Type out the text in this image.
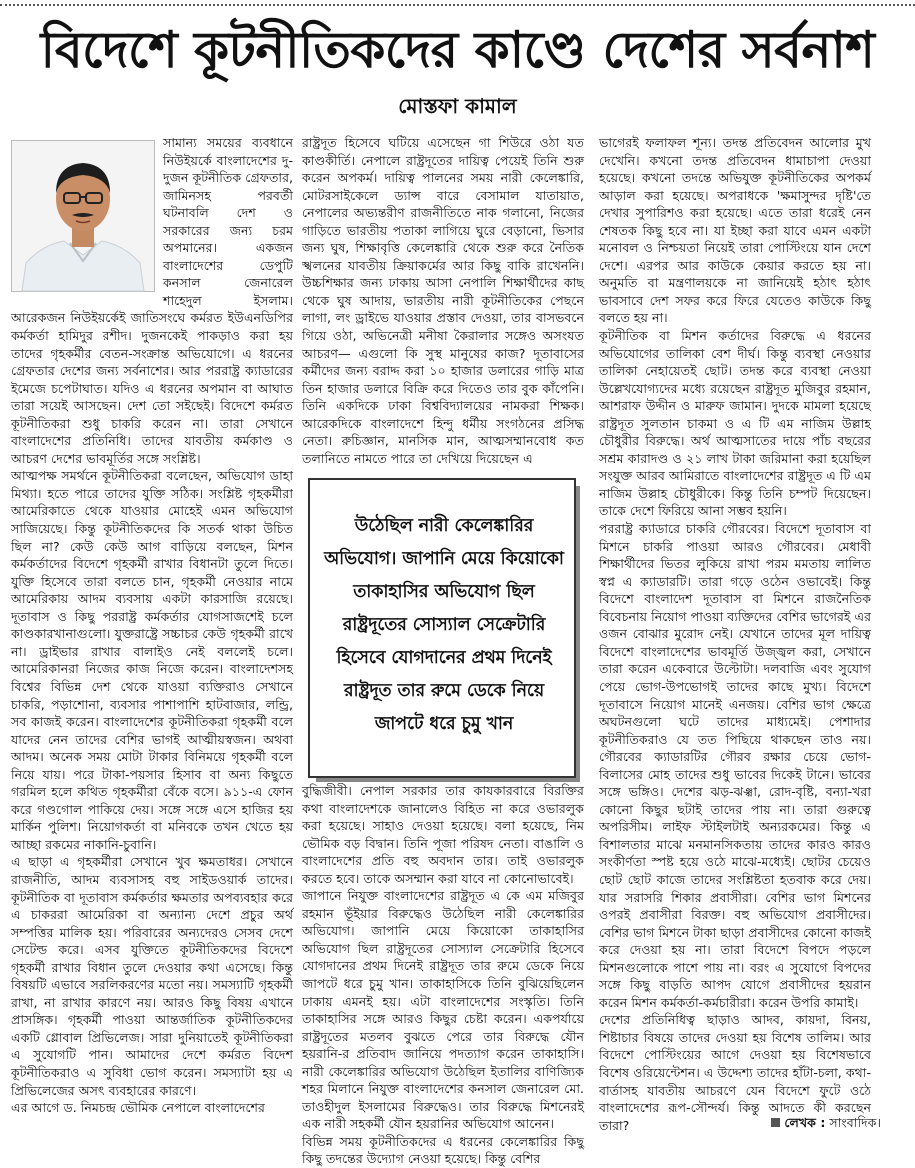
বিদেশে কূটনীতিকদের কাণ্ডে দেশের সর্বনাশ
মোস্তফা কামাল
সামান্য সময়ের ব্যবধানে নিউইয়র্কে বাংলাদেশের দু-দুজন কূটনীতিক গ্রেফতার, জামিনসহ পরবর্তী ঘটনাবলি দেশ ও সরকারের জন্য চরম অপমানের। একজন বাংলাদেশের ডেপুটি কনসাল জেনারেল শাহেদুল ইসলাম। আরেকজন নিউইয়র্কেই জাতিসংঘে কর্মরত ইউএনডিপির কর্মকর্তা হামিদুর রশীদ। দুজনকেই পাকড়াও করা হয় তাদের গৃহকর্মীর বেতন-সংক্রান্ত অভিযোগে। এ ধরনের গ্রেফতার দেশের জন্য সর্বনাশের। আর পররাষ্ট্র ক্যাডারের ইমেজে চপেটাঘাত। যদিও এ ধরনের অপমান বা আঘাত তারা সয়েই আসছেন। দেশ তো সইছেই। বিদেশে কর্মরত কূটনীতিকরা শুধু চাকরি করেন না। তারা সেখানে বাংলাদেশের প্রতিনিধি। তাদের যাবতীয় কর্মকাণ্ড ও আচরণ দেশের ভাবমূর্তির সঙ্গে সংশ্লিষ্ট।
আত্মপক্ষ সমর্থনে কূটনীতিকরা বলেছেন, অভিযোগ ডাহা মিথ্যা। হতে পারে তাদের যুক্তি সঠিক। সংশ্লিষ্ট গৃহকর্মীরা আমেরিকাতে থেকে যাওয়ার মোহেই এমন অভিযোগ সাজিয়েছে। কিন্তু কূটনীতিকদের কি সতর্ক থাকা উচিত ছিল না? কেউ কেউ আগ বাড়িয়ে বলছেন, মিশন কর্মকর্তাদের বিদেশে গৃহকর্মী রাখার বিধানটা তুলে দিতে। যুক্তি হিসেবে তারা বলতে চান, গৃহকর্মী নেওয়ার নামে আমেরিকায় আদম ব্যবসায় একটা কারসাজি রয়েছে। দূতাবাস ও কিছু পররাষ্ট্র কর্মকর্তার যোগসাজশেই চলে কাণ্ডকারখানাগুলো। যুক্তরাষ্ট্রে সচ্চাচর কেউ গৃহকর্মী রাখে না। ড্রাইভার রাখার বালাইও নেই বললেই চলে। আমেরিকানরা নিজের কাজ নিজে করেন। বাংলাদেশসহ বিশ্বের বিভিন্ন দেশ থেকে যাওয়া ব্যক্তিরাও সেখানে চাকরি, পড়াশোনা, ব্যবসার পাশাপাশি হাটবাজার, লন্ড্রি, সব কাজই করেন। বাংলাদেশের কূটনীতিকরা গৃহকর্মী বলে যাদের নেন তাদের বেশির ভাগই আত্মীয়স্বজন। অথবা আদম। অনেক সময় মোটা টাকার বিনিময়ে গৃহকর্মী বলে নিয়ে যায়। পরে টাকা-পয়সার হিসাব বা অন্য কিছুতে গরমিল হলে কথিত গৃহকর্মীরা বেঁকে বসে। ৯১১-এ ফোন করে গণ্ডগোল পাকিয়ে দেয়। সঙ্গে সঙ্গে এসে হাজির হয় মার্কিন পুলিশ। নিয়োগকর্তা বা মনিবকে তখন খেতে হয় আচ্ছা রকমের নাকানি-চুবানি।
এ ছাড়া এ গৃহকর্মীরা সেখানে খুব ক্ষমতাধর। সেখানে রাজনীতি, আদম ব্যবসাসহ বহু সাইডওয়ার্ক তাদের। কূটনীতিক বা দূতাবাস কর্মকর্তার ক্ষমতার অপব্যবহার করে এ চাকররা আমেরিকা বা অন্যান্য দেশে প্রচুর অর্থ সম্পত্তির মালিক হয়। পরিবারের অন্যদেরও সেসব দেশে সেটেল্ড করে। এসব যুক্তিতে কূটনীতিকদের বিদেশে গৃহকর্মী রাখার বিধান তুলে দেওয়ার কথা এসেছে। কিন্তু বিষয়টি এভাবে সরলিকরণের মতো নয়। সমস্যাটি গৃহকর্মী রাখা, না রাখার কারণে নয়। আরও কিছু বিষয় এখানে প্রাসঙ্গিক। গৃহকর্মী পাওয়া আন্তর্জাতিক কূটনীতিকদের একটি গ্লোবাল প্রিভিলেজ। সারা দুনিয়াতেই কূটনীতিকরা এ সুযোগটি পান। আমাদের দেশে কর্মরত বিদেশ কূটনীতিকরাও এ সুবিধা ভোগ করেন। সমস্যাটা হয় এ প্রিভিলেজের অসৎ ব্যবহারের কারণে।
এর আগে ড. নিমচন্দ্র ভৌমিক নেপালে বাংলাদেশের
রাষ্ট্রদূত হিসেবে ঘটিয়ে এসেছেন গা শিউরে ওঠা যত কাণ্ডকীর্তি। নেপালে রাষ্ট্রদূতের দায়িত্ব পেয়েই তিনি শুরু করেন অপকর্ম। দায়িত্ব পালনের সময় নারী কেলেঙ্কারি, মোটরসাইকেলে ড্যান্স বারে বেসামাল যাতায়াত, নেপালের অভ্যন্তরীণ রাজনীতিতে নাক গলানো, নিজের গাড়িতে ভারতীয় পতাকা লাগিয়ে ঘুরে বেড়ানো, ভিসার জন্য ঘুষ, শিক্ষাবৃত্তি কেলেঙ্কারি থেকে শুরু করে নৈতিক স্খলনের যাবতীয় ক্রিয়াকর্মের আর কিছু বাকি রাখেননি। উচ্চশিক্ষার জন্য ঢাকায় আসা নেপালি শিক্ষার্থীদের কাছ থেকে ঘুষ আদায়, ভারতীয় নারী কূটনীতিকের পেছনে লাগা, লং ড্রাইভে যাওয়ার প্রস্তাব দেওয়া, তার বাসভবনে গিয়ে ওঠা, অভিনেত্রী মনীষা কৈরালার সঙ্গেও অসংযত আচরণ— এগুলো কি সুস্থ মানুষের কাজ? দূতাবাসের কর্মীদের জন্য বরাদ্দ করা ১০ হাজার ডলারের গাড়ি মাত্র তিন হাজার ডলারে বিক্রি করে দিতেও তার বুক কাঁপেনি। তিনি একদিকে ঢাকা বিশ্ববিদ্যালয়ের নামকরা শিক্ষক। আরেকদিকে বাংলাদেশে হিন্দু ধর্মীয় সংগঠনের প্রসিদ্ধ নেতা। রুচিজ্ঞান, মানসিক মান, আত্মসম্মানবোধ কত তলানিতে নামতে পারে তা দেখিয়ে দিয়েছেন এ
বুদ্ধিজীবী। নেপাল সরকার তার কাযকারবারে বিরক্তির কথা বাংলাদেশকে জানালেও বিহিত না করে ওভারলুক করা হয়েছে। সাহাও দেওয়া হয়েছে। বলা হয়েছে, নিম ভৌমিক বড় বিদ্বান। তিনি পূজা পরিষদ নেতা। বাঙালি ও বাংলাদেশের প্রতি বহু অবদান তার। তাই ওভারলুক করতে হবে। তাকে অসম্মান করা যাবে না কোনোভাবেই।
জাপানে নিযুক্ত বাংলাদেশের রাষ্ট্রদূত এ কে এম মজিবুর রহমান ভূঁইয়ার বিরুদ্ধেও উঠেছিল নারী কেলেঙ্কারির অভিযোগ। জাপানি মেয়ে কিয়োকো তাকাহাসির অভিযোগ ছিল রাষ্ট্রদূতের সোস্যাল সেক্রেটারি হিসেবে যোগদানের প্রথম দিনেই রাষ্ট্রদূত তার রুমে ডেকে নিয়ে জাপটে ধরে চুমু খান। তাকাহাসিকে তিনি বুঝিয়েছিলেন ঢাকায় এমনই হয়। এটা বাংলাদেশের সংস্কৃতি। তিনি তাকাহাসির সঙ্গে আরও কিছুর চেষ্টা করেন। একপর্যায়ে রাষ্ট্রদূতের মতলব বুঝতে পেরে তার বিরুদ্ধে যৌন হয়রানি-র প্রতিবাদ জানিয়ে পদত্যাগ করেন তাকাহাসি। নারী কেলেঙ্কারির অভিযোগ উঠেছিল ইতালির বাণিজ্যিক শহর মিলানে নিযুক্ত বাংলাদেশের কনসাল জেনারেল মো. তাওহীদুল ইসলামের বিরুদ্ধেও। তার বিরুদ্ধে মিশনেরই এক নারী সহকর্মী যৌন হয়রানির অভিযোগ আনেন।
বিভিন্ন সময় কূটনীতিকদের এ ধরনের কেলেঙ্কারির কিছু কিছু তদন্তের উদ্যোগ নেওয়া হয়েছে। কিন্তু বেশির
উঠেছিল নারী কেলেঙ্কারির অভিযোগ। জাপানি মেয়ে কিয়োকো তাকাহাসির অভিযোগ ছিল রাষ্ট্রদূতের সোস্যাল সেক্রেটারি হিসেবে যোগদানের প্রথম দিনেই রাষ্ট্রদূত তার রুমে ডেকে নিয়ে জাপটে ধরে চুমু খান
ভাগেরই ফলাফল শূন্য। তদন্ত প্রতিবেদন আলোর মুখ দেখেনি। কখনো তদন্ত প্রতিবেদন ধামাচাপা দেওয়া হয়েছে। কখনো তদন্তে অভিযুক্ত কূটনীতিকের অপকর্ম আড়াল করা হয়েছে। অপরাধকে 'ক্ষমাসুন্দর দৃষ্টি'তে দেখার সুপারিশও করা হয়েছে। এতে তারা ধরেই নেন শেষতক কিছু হবে না। যা ইচ্ছা করা যাবে এমন একটা মনোবল ও নিশ্চয়তা নিয়েই তারা পোস্টিংয়ে যান দেশে দেশে। এরপর আর কাউকে কেয়ার করতে হয় না। অনুমতি বা মন্ত্রণালয়কে না জানিয়েই হঠাৎ হঠাৎ ভাবসাবে দেশ সফর করে ফিরে যেতেও কাউকে কিছু বলতে হয় না।
কূটনীতিক বা মিশন কর্তাদের বিরুদ্ধে এ ধরনের অভিযোগের তালিকা বেশ দীর্ঘ। কিন্তু ব্যবস্থা নেওয়ার তালিকা নেহায়েতই ছোট। তদন্ত করে ব্যবস্থা নেওয়া উল্লেখযোগ্যদের মধ্যে রয়েছেন রাষ্ট্রদূত মুজিবুর রহমান, আশরাফ উদ্দীন ও মারুফ জামান। দুদকে মামলা হয়েছে রাষ্ট্রদূত সুলতান চাকমা ও এ টি এম নাজিম উল্লাহ চৌধুরীর বিরুদ্ধে। অর্থ আত্মসাতের দায়ে পাঁচ বছরের সশ্রম কারাদণ্ড ও ২১ লাখ টাকা জরিমানা করা হয়েছিল সংযুক্ত আরব আমিরাতে বাংলাদেশের রাষ্ট্রদূত এ টি এম নাজিম উল্লাহ চৌধুরীকে। কিন্তু তিনি চম্পট দিয়েছেন। তাকে দেশে ফিরিয়ে আনা সম্ভব হয়নি।
পররাষ্ট্র ক্যাডারে চাকরি গৌরবের। বিদেশে দূতাবাস বা মিশনে চাকরি পাওয়া আরও গৌরবের। মেধাবী শিক্ষার্থীদের ভিতর লুকিয়ে রাখা পরম মমতায় লালিত স্বপ্ন এ ক্যাডারটি। তারা গড়ে ওঠেন ওভাবেই। কিন্তু বিদেশে বাংলাদেশ দূতাবাস বা মিশনে রাজনৈতিক বিবেচনায় নিয়োগ পাওয়া ব্যক্তিদের বেশির ভাগেরই এর ওজন বোঝার মুরোদ নেই। যেখানে তাদের মূল দায়িত্ব বিদেশে বাংলাদেশের ভাবমূর্তি উজ্জ্বল করা, সেখানে তারা করেন একেবারে উল্টোটা। দলবাজি এবং সুযোগ পেয়ে ভোগ-উপভোগই তাদের কাছে মুখ্য। বিদেশে দূতাবাসে নিয়োগ মানেই এনজয়। বেশির ভাগ ক্ষেত্রে অঘটনগুলো ঘটে তাদের মাধ্যমেই। পেশাদার কূটনীতিকরাও যে তত পিছিয়ে থাকছেন তাও নয়। গৌরবের ক্যাডারটির গৌরব রক্ষার চেয়ে ভোগ-বিলাসের মোহ তাদের শুধু ভাবের দিকেই টানে। ভাবের সঙ্গে ভঙ্গিও। দেশের ঝড়-ঝঞ্ঝা, রোদ-বৃষ্টি, বন্যা-খরা কোনো কিছুর ছটাই তাদের পায় না। তারা গুরুত্বে অপরিসীম। লাইফ স্টাইলটাই অন্যরকমের। কিন্তু এ বিশালতার মাঝে মনমানসিকতায় তাদের কারও কারও সংকীর্ণতা স্পষ্ট হয়ে ওঠে মাঝে-মধ্যেই। ছোটর চেয়েও ছোট ছোট কাজে তাদের সংশ্লিষ্টতা হতবাক করে দেয়। যার সরাসরি শিকার প্রবাসীরা। বেশির ভাগ মিশনের ওপরই প্রবাসীরা বিরক্ত। বহু অভিযোগ প্রবাসীদের। বেশির ভাগ মিশনে টাকা ছাড়া প্রবাসীদের কোনো কাজই করে দেওয়া হয় না। তারা বিদেশে বিপদে পড়লে মিশনগুলোকে পাশে পায় না। বরং এ সুযোগে বিপদের সঙ্গে কিছু বাড়তি আপদ যোগে প্রবাসীদের হয়রান করেন মিশন কর্মকর্তা-কর্মচারীরা। করেন উপরি কামাই।
দেশের প্রতিনিধিত্ব ছাড়াও আদব, কায়দা, বিনয়, শিষ্টাচার বিষয়ে তাদের দেওয়া হয় বিশেষ তালিম। আর বিদেশে পোস্টিংয়ের আগে দেওয়া হয় বিশেষভাবে বিশেষ ওরিয়েন্টেশন। এ উদ্দেশ্য তাদের হাঁটা-চলা, কথা-বার্তাসহ যাবতীয় আচরণে যেন বিদেশে ফুটে ওঠে বাংলাদেশের রূপ-সৌন্দর্য। কিন্তু আদতে কী করছেন তারা?	লেখক : সাংবাদিক।
